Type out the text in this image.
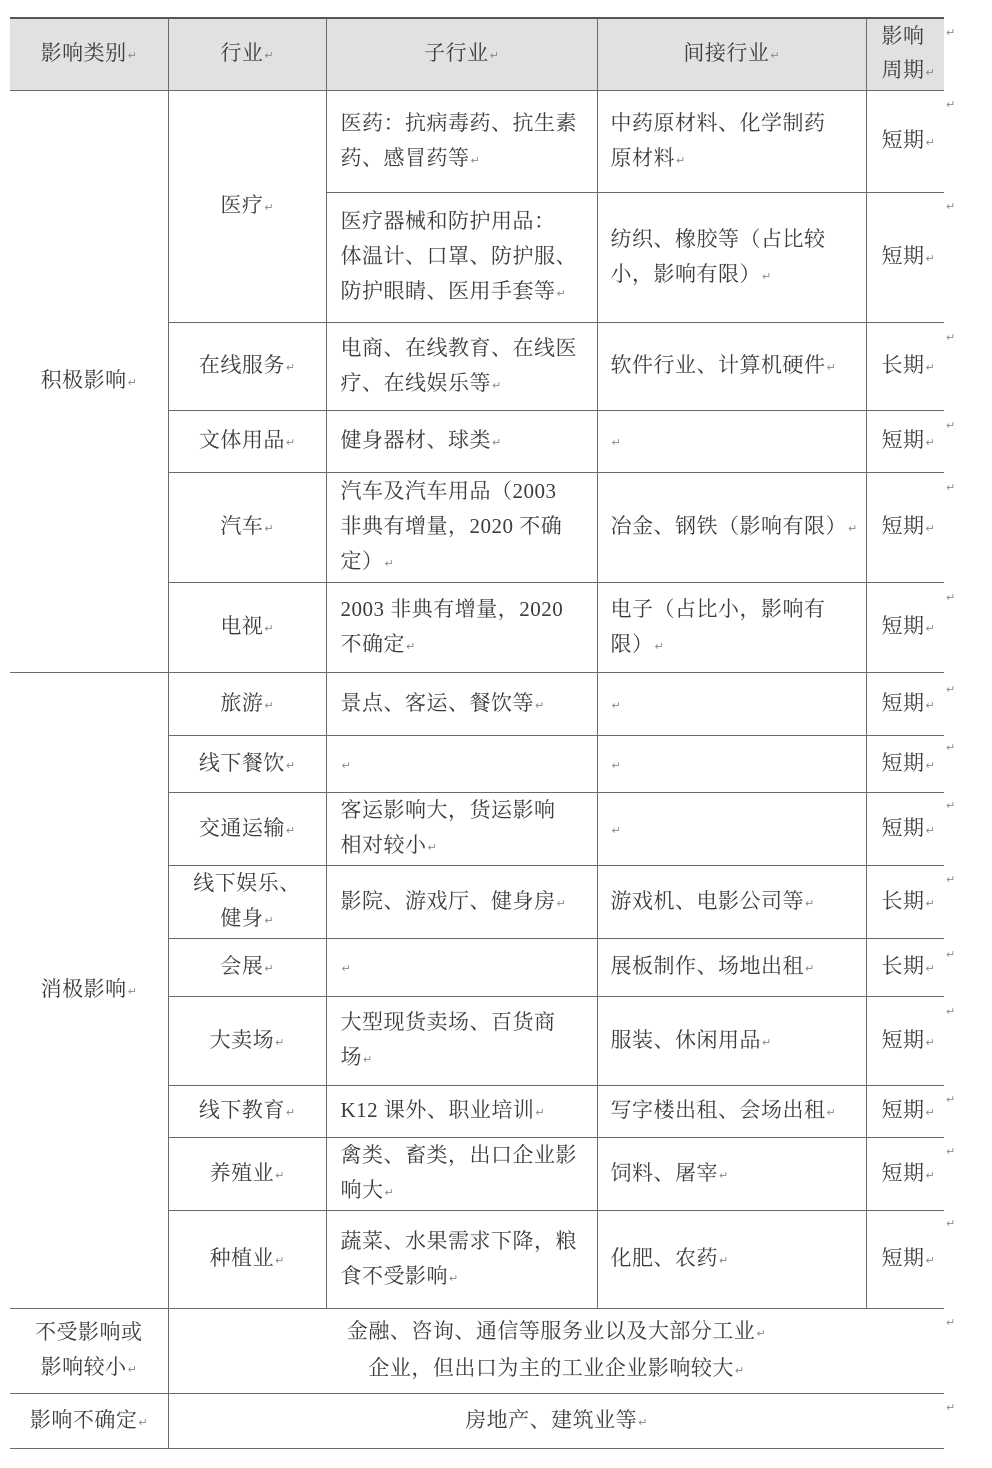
影响类别↵	行业↵	子行业↵	间接行业↵	影响
周期↵
积极影响↵	医疗↵	医药：抗病毒药、抗生素
药、感冒药等↵	中药原材料、化学制药
原材料↵	短期↵
		医疗器械和防护用品：
体温计、口罩、防护服、
防护眼睛、医用手套等↵	纺织、橡胶等（占比较
小，影响有限）↵	短期↵
	在线服务↵	电商、在线教育、在线医
疗、在线娱乐等↵	软件行业、计算机硬件↵	长期↵
	文体用品↵	健身器材、球类↵	↵	短期↵
	汽车↵	汽车及汽车用品（2003
非典有增量，2020 不确
定）↵	冶金、钢铁（影响有限）↵	短期↵
	电视↵	2003 非典有增量，2020
不确定↵	电子（占比小，影响有
限）↵	短期↵
消极影响↵	旅游↵	景点、客运、餐饮等↵	↵	短期↵
	线下餐饮↵	↵	↵	短期↵
	交通运输↵	客运影响大，货运影响
相对较小↵	↵	短期↵
	线下娱乐、
健身↵	影院、游戏厅、健身房↵	游戏机、电影公司等↵	长期↵
	会展↵	↵	展板制作、场地出租↵	长期↵
	大卖场↵	大型现货卖场、百货商
场↵	服装、休闲用品↵	短期↵
	线下教育↵	K12 课外、职业培训↵	写字楼出租、会场出租↵	短期↵
	养殖业↵	禽类、畜类，出口企业影
响大↵	饲料、屠宰↵	短期↵
	种植业↵	蔬菜、水果需求下降，粮
食不受影响↵	化肥、农药↵	短期↵
不受影响或
影响较小↵	金融、咨询、通信等服务业以及大部分工业↵
企业，但出口为主的工业企业影响较大↵			
影响不确定↵	房地产、建筑业等↵			
↵
↵
↵
↵
↵
↵
↵
↵
↵
↵
↵
↵
↵
↵
↵
↵
↵
↵
